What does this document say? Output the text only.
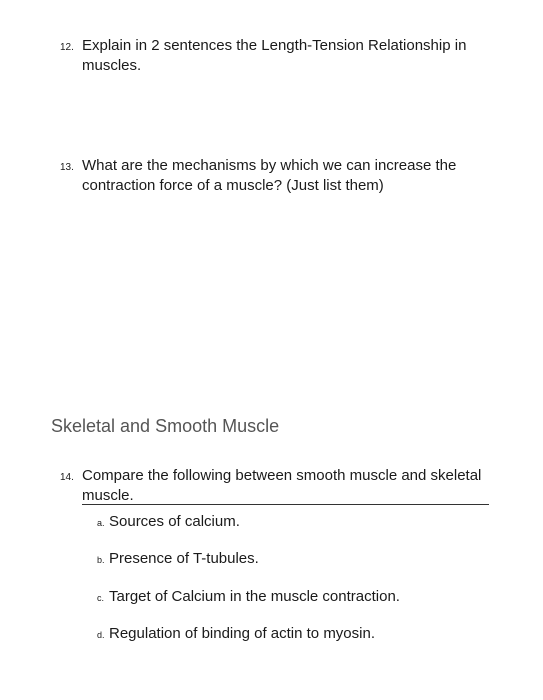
12. Explain in 2 sentences the Length-Tension Relationship in muscles.

13. What are the mechanisms by which we can increase the contraction force of a muscle? (Just list them)

Skeletal and Smooth Muscle
14. Compare the following between smooth muscle and skeletal muscle.

a. Sources of calcium.
b. Presence of T-tubules.
c. Target of Calcium in the muscle contraction.
d. Regulation of binding of actin to myosin.
